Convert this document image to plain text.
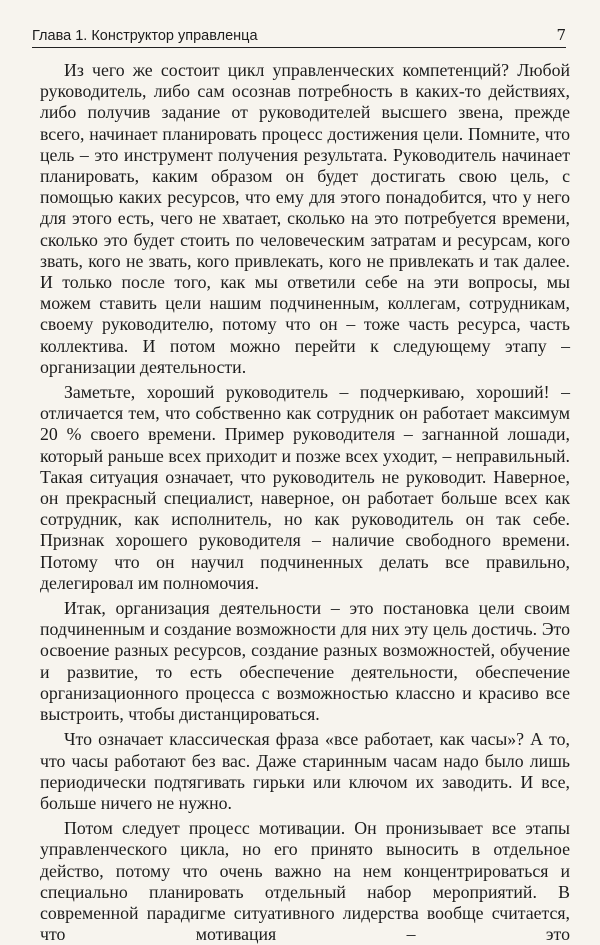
Глава 1. Конструктор управленца	7

Из чего же состоит цикл управленческих компетенций? Любой руководитель, либо сам осознав потребность в каких-то действиях, либо получив задание от руководителей высшего звена, прежде всего, начинает планировать процесс достижения цели. Помните, что цель – это инструмент получения результата. Руководитель начинает планировать, каким образом он будет достигать свою цель, с помощью каких ресурсов, что ему для этого понадобится, что у него для этого есть, чего не хватает, сколько на это потребуется времени, сколько это будет стоить по человеческим затратам и ресурсам, кого звать, кого не звать, кого привлекать, кого не привлекать и так далее. И только после того, как мы ответили себе на эти вопросы, мы можем ставить цели нашим подчиненным, коллегам, сотрудникам, своему руководителю, потому что он – тоже часть ресурса, часть коллектива. И потом можно перейти к следующему этапу – организации деятельности.

Заметьте, хороший руководитель – подчеркиваю, хороший! – отличается тем, что собственно как сотрудник он работает максимум 20 % своего времени. Пример руководителя – загнанной лошади, который раньше всех приходит и позже всех уходит, – неправильный. Такая ситуация означает, что руководитель не руководит. Наверное, он прекрасный специалист, наверное, он работает больше всех как сотрудник, как исполнитель, но как руководитель он так себе. Признак хорошего руководителя – наличие свободного времени. Потому что он научил подчиненных делать все правильно, делегировал им полномочия.

Итак, организация деятельности – это постановка цели своим подчиненным и создание возможности для них эту цель достичь. Это освоение разных ресурсов, создание разных возможностей, обучение и развитие, то есть обеспечение деятельности, обеспечение организационного процесса с возможностью классно и красиво все выстроить, чтобы дистанцироваться.

Что означает классическая фраза «все работает, как часы»? А то, что часы работают без вас. Даже старинным часам надо было лишь периодически подтягивать гирьки или ключом их заводить. И все, больше ничего не нужно.

Потом следует процесс мотивации. Он пронизывает все этапы управленческого цикла, но его принято выносить в отдельное действо, потому что очень важно на нем концентрироваться и специально планировать отдельный набор мероприятий. В современной парадигме ситуативного лидерства вообще считается, что мотивация – это
